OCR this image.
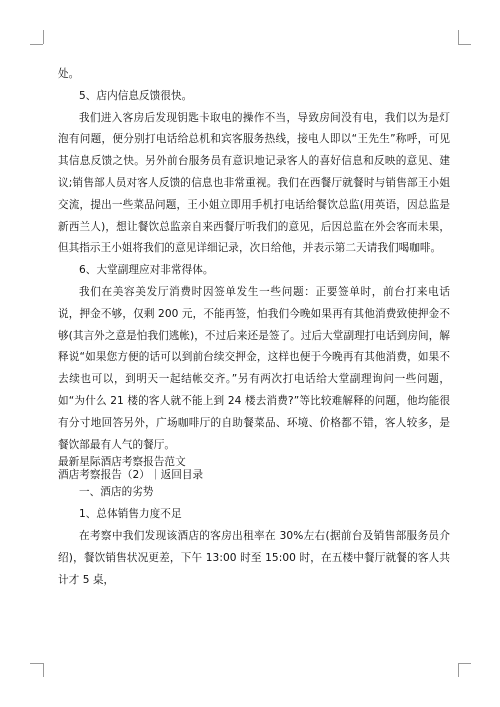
处。

5、店内信息反馈很快。

我们进入客房后发现钥匙卡取电的操作不当，导致房间没有电，我们以为是灯泡有问题，便分别打电话给总机和宾客服务热线，接电人即以“王先生”称呼，可见其信息反馈之快。另外前台服务员有意识地记录客人的喜好信息和反映的意见、建议;销售部人员对客人反馈的信息也非常重视。我们在西餐厅就餐时与销售部王小姐交流，提出一些菜品问题，王小姐立即用手机打电话给餐饮总监(用英语，因总监是新西兰人)，想让餐饮总监亲自来西餐厅听我们的意见，后因总监在外会客而未果，但其指示王小姐将我们的意见详细记录，次日给他，并表示第二天请我们喝咖啡。

6、大堂副理应对非常得体。

我们在美容美发厅消费时因签单发生一些问题：正要签单时，前台打来电话说，押金不够，仅剩 200 元，不能再签，怕我们今晚如果再有其他消费致使押金不够(其言外之意是怕我们逃帐)，不过后来还是签了。过后大堂副理打电话到房间，解释说“如果您方便的话可以到前台续交押金，这样也便于今晚再有其他消费，如果不去续也可以，到明天一起结帐交齐。”另有两次打电话给大堂副理询问一些问题，如“为什么 21 楼的客人就不能上到 24 楼去消费?”等比较难解释的问题，他均能很有分寸地回答另外，广场咖啡厅的自助餐菜品、环境、价格都不错，客人较多，是餐饮部最有人气的餐厅。

最新星际酒店考察报告范文

酒店考察报告（2）｜返回目录

一、酒店的劣势

1、总体销售力度不足

在考察中我们发现该酒店的客房出租率在 30%左右(据前台及销售部服务员介绍)，餐饮销售状况更差，下午 13:00 时至 15:00 时，在五楼中餐厅就餐的客人共计才 5 桌，
